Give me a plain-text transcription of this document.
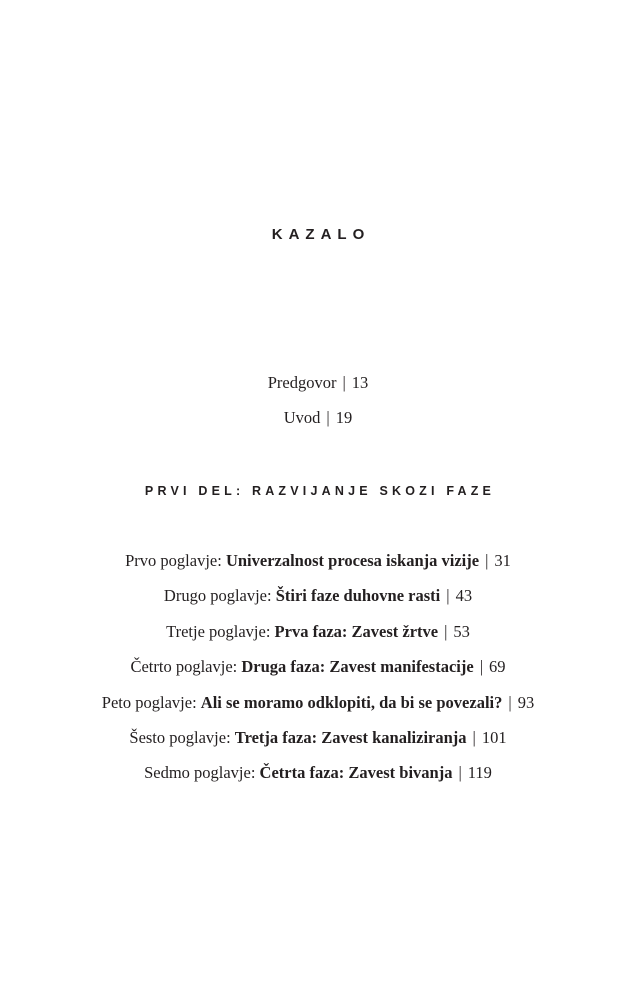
KAZALO
Predgovor | 13
Uvod | 19
PRVI DEL: RAZVIJANJE SKOZI FAZE
Prvo poglavje: Univerzalnost procesa iskanja vizije | 31
Drugo poglavje: Štiri faze duhovne rasti | 43
Tretje poglavje: Prva faza: Zavest žrtve | 53
Četrto poglavje: Druga faza: Zavest manifestacije | 69
Peto poglavje: Ali se moramo odklopiti, da bi se povezali? | 93
Šesto poglavje: Tretja faza: Zavest kanaliziranja | 101
Sedmo poglavje: Četrta faza: Zavest bivanja | 119
